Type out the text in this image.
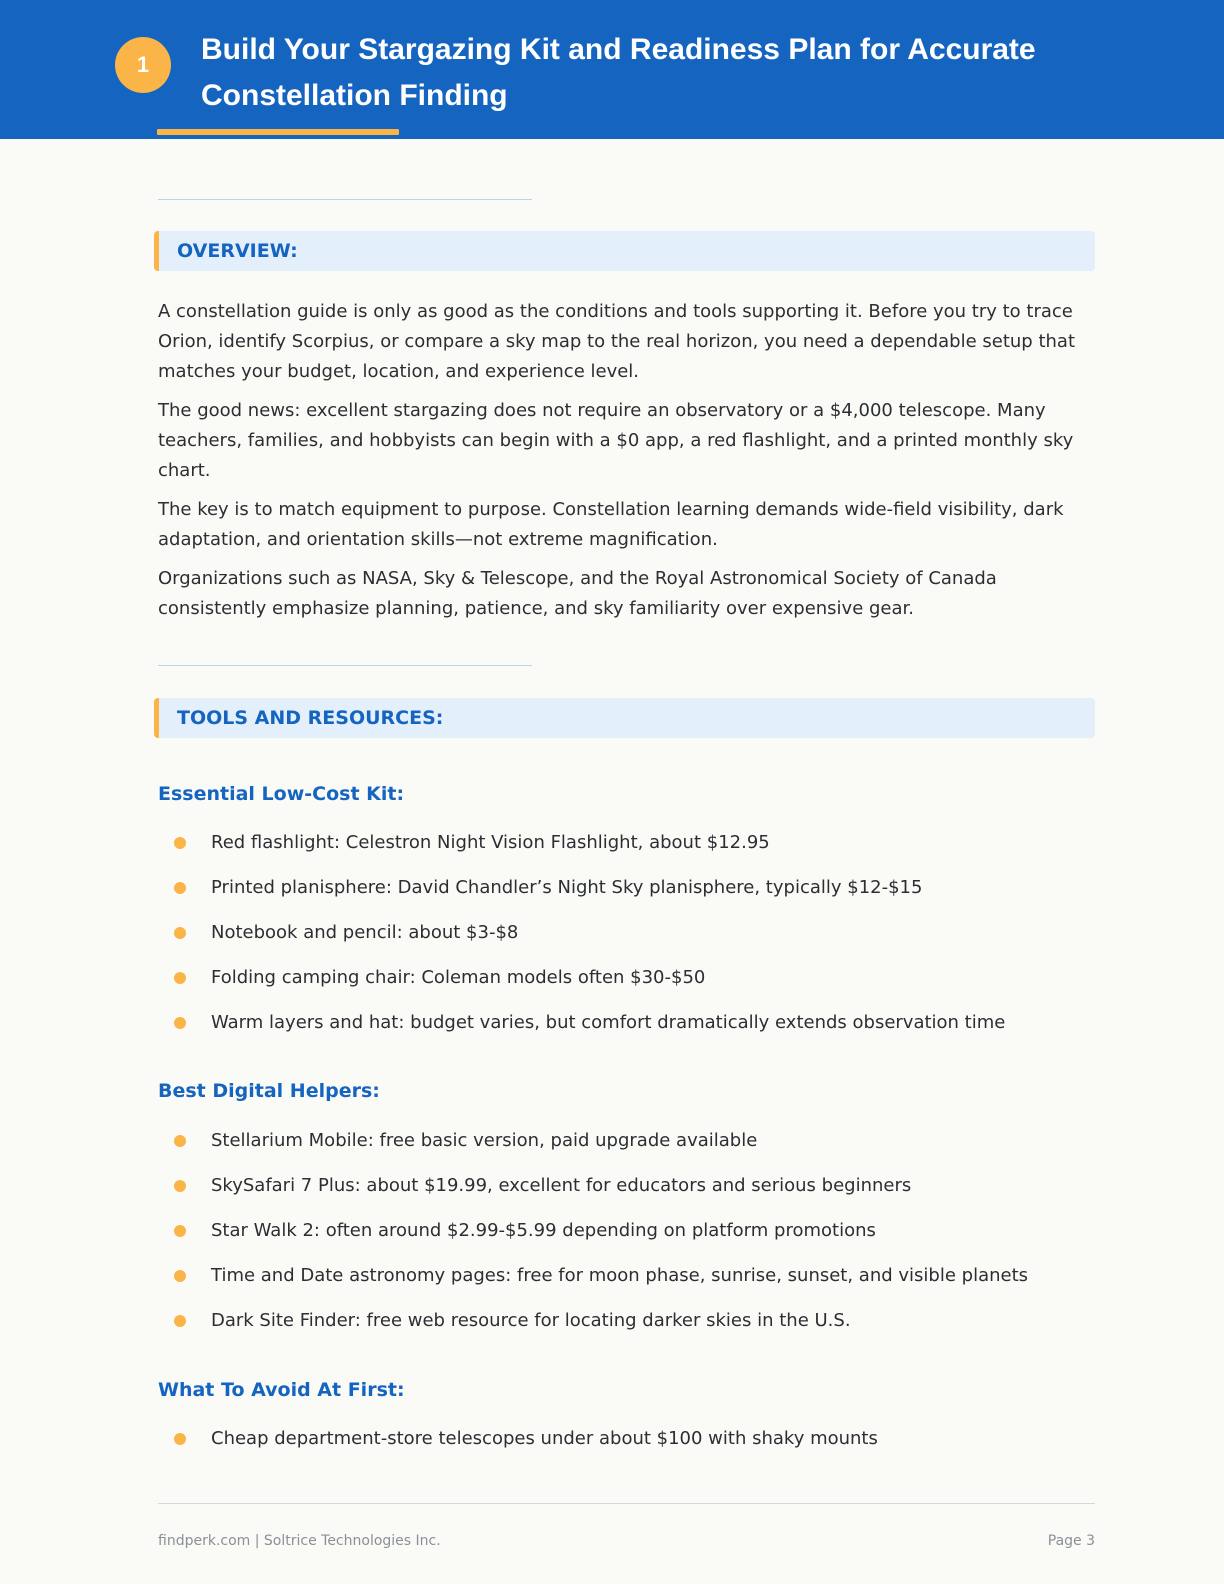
1	Build Your Stargazing Kit and Readiness Plan for Accurate Constellation Finding
OVERVIEW:

A constellation guide is only as good as the conditions and tools supporting it. Before you try to trace Orion, identify Scorpius, or compare a sky map to the real horizon, you need a dependable setup that matches your budget, location, and experience level.

The good news: excellent stargazing does not require an observatory or a $4,000 telescope. Many teachers, families, and hobbyists can begin with a $0 app, a red flashlight, and a printed monthly sky chart.

The key is to match equipment to purpose. Constellation learning demands wide-field visibility, dark adaptation, and orientation skills—not extreme magnification.

Organizations such as NASA, Sky & Telescope, and the Royal Astronomical Society of Canada consistently emphasize planning, patience, and sky familiarity over expensive gear.

TOOLS AND RESOURCES:
Essential Low-Cost Kit:
Red flashlight: Celestron Night Vision Flashlight, about $12.95
Printed planisphere: David Chandler’s Night Sky planisphere, typically $12-$15
Notebook and pencil: about $3-$8
Folding camping chair: Coleman models often $30-$50
Warm layers and hat: budget varies, but comfort dramatically extends observation time
Best Digital Helpers:
Stellarium Mobile: free basic version, paid upgrade available
SkySafari 7 Plus: about $19.99, excellent for educators and serious beginners
Star Walk 2: often around $2.99-$5.99 depending on platform promotions
Time and Date astronomy pages: free for moon phase, sunrise, sunset, and visible planets
Dark Site Finder: free web resource for locating darker skies in the U.S.
What To Avoid At First:
Cheap department-store telescopes under about $100 with shaky mounts
findperk.com | Soltrice Technologies Inc.	Page 3
